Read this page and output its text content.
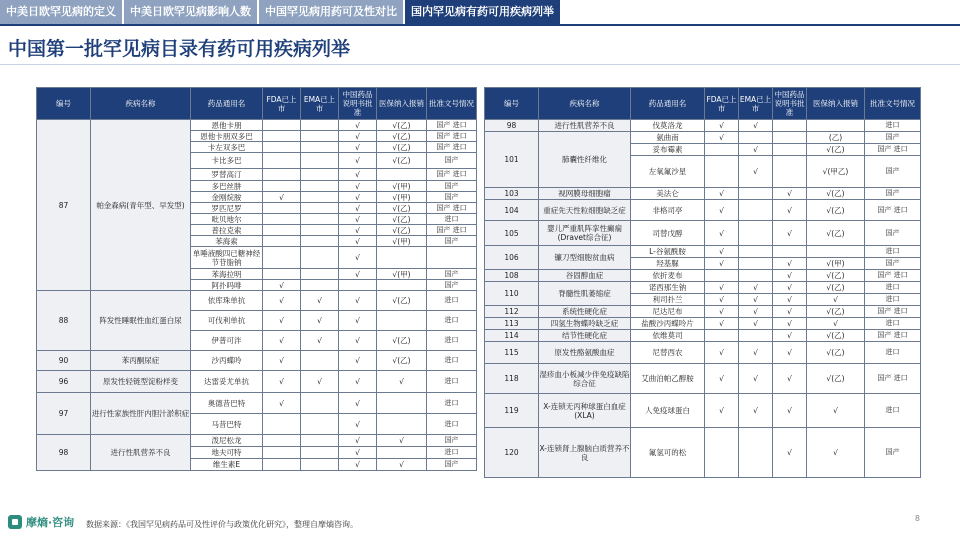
中美日欧罕见病的定义	中美日欧罕见病影响人数	中国罕见病用药可及性对比	国内罕见病有药可用疾病列举
中国第一批罕见病目录有药可用疾病列举
编号	疾病名称	药品通用名	FDA已上市	EMA已上市	中国药品说明书批准	医保纳入报销	批准文号情况
87	帕金森病(青年型、早发型)	恩他卡朋			√	√(乙)	国产 进口
		恩他卡朋双多巴			√	√(乙)	国产 进口
		卡左双多巴			√	√(乙)	国产 进口
		卡比多巴			√	√(乙)	国产
		罗替高汀			√		国产 进口
		多巴丝肼			√	√(甲)	国产
		金刚烷胺	√		√	√(甲)	国产
		罗匹尼罗			√	√(乙)	国产 进口
		吡贝地尔			√	√(乙)	进口
		普拉克索			√	√(乙)	国产 进口
		苯海索			√	√(甲)	国产
		单唾液酸四已糖神经节苷脂钠			√		
		苯海拉明			√	√(甲)	国产
		阿扑吗啡	√				国产
88	阵发性睡眠性血红蛋白尿	依库珠单抗	√	√	√	√(乙)	进口
		可伐利单抗	√	√	√		进口
		伊普可泮	√	√	√	√(乙)	进口
90	苯丙酮尿症	沙丙蝶呤	√		√	√(乙)	进口
96	原发性轻链型淀粉样变	达雷妥尤单抗	√	√	√	√	进口
97	进行性家族性肝内胆汁淤积症	奥德昔巴特	√		√		进口
		马昔巴特			√		进口
98	进行性肌营养不良	泼尼松龙			√	√	国产
		地夫可特			√		进口
		维生素E			√	√	国产
编号	疾病名称	药品通用名	FDA已上市	EMA已上市	中国药品说明书批准	医保纳入报销	批准文号情况
98	进行性肌营养不良	伐莫洛龙	√	√			进口
101	肺囊性纤维化	氨曲南	√			(乙)	国产
		妥布霉素		√		√(乙)	国产 进口
		左氧氟沙星		√		√(甲乙)	国产
103	视网膜母细胞瘤	美法仑	√		√	√(乙)	国产
104	重症先天性粒细胞缺乏症	非格司亭	√		√	√(乙)	国产 进口
105	婴儿严重肌阵挛性癫痫(Dravet综合征)	司替戊醇	√		√	√(乙)	国产
106	镰刀型细胞贫血病	L-谷氨酰胺	√				进口
		羟基脲	√		√	√(甲)	国产
108	谷固醇血症	依折麦布			√	√(乙)	国产 进口
110	脊髓性肌萎缩症	诺西那生钠	√	√	√	√(乙)	进口
		利司扑兰	√	√	√	√	进口
112	系统性硬化症	尼达尼布	√	√	√	√(乙)	国产 进口
113	四氢生物蝶呤缺乏症	盐酸沙丙蝶呤片	√	√	√	√	进口
114	结节性硬化症	依维莫司			√	√(乙)	国产 进口
115	原发性酪氨酸血症	尼替西农	√	√	√	√(乙)	进口
118	湿疹血小板减少伴免疫缺陷综合征	艾曲泊帕乙醇胺	√	√	√	√(乙)	国产 进口
119	X-连锁无丙种球蛋白血症(XLA)	人免疫球蛋白	√	√	√	√	进口
120	X-连锁肾上腺脑白质营养不良	氟氢可的松			√	√	国产
摩熵·咨询 数据来源：《我国罕见病药品可及性评价与政策优化研究》，整理自摩熵咨询。
8
